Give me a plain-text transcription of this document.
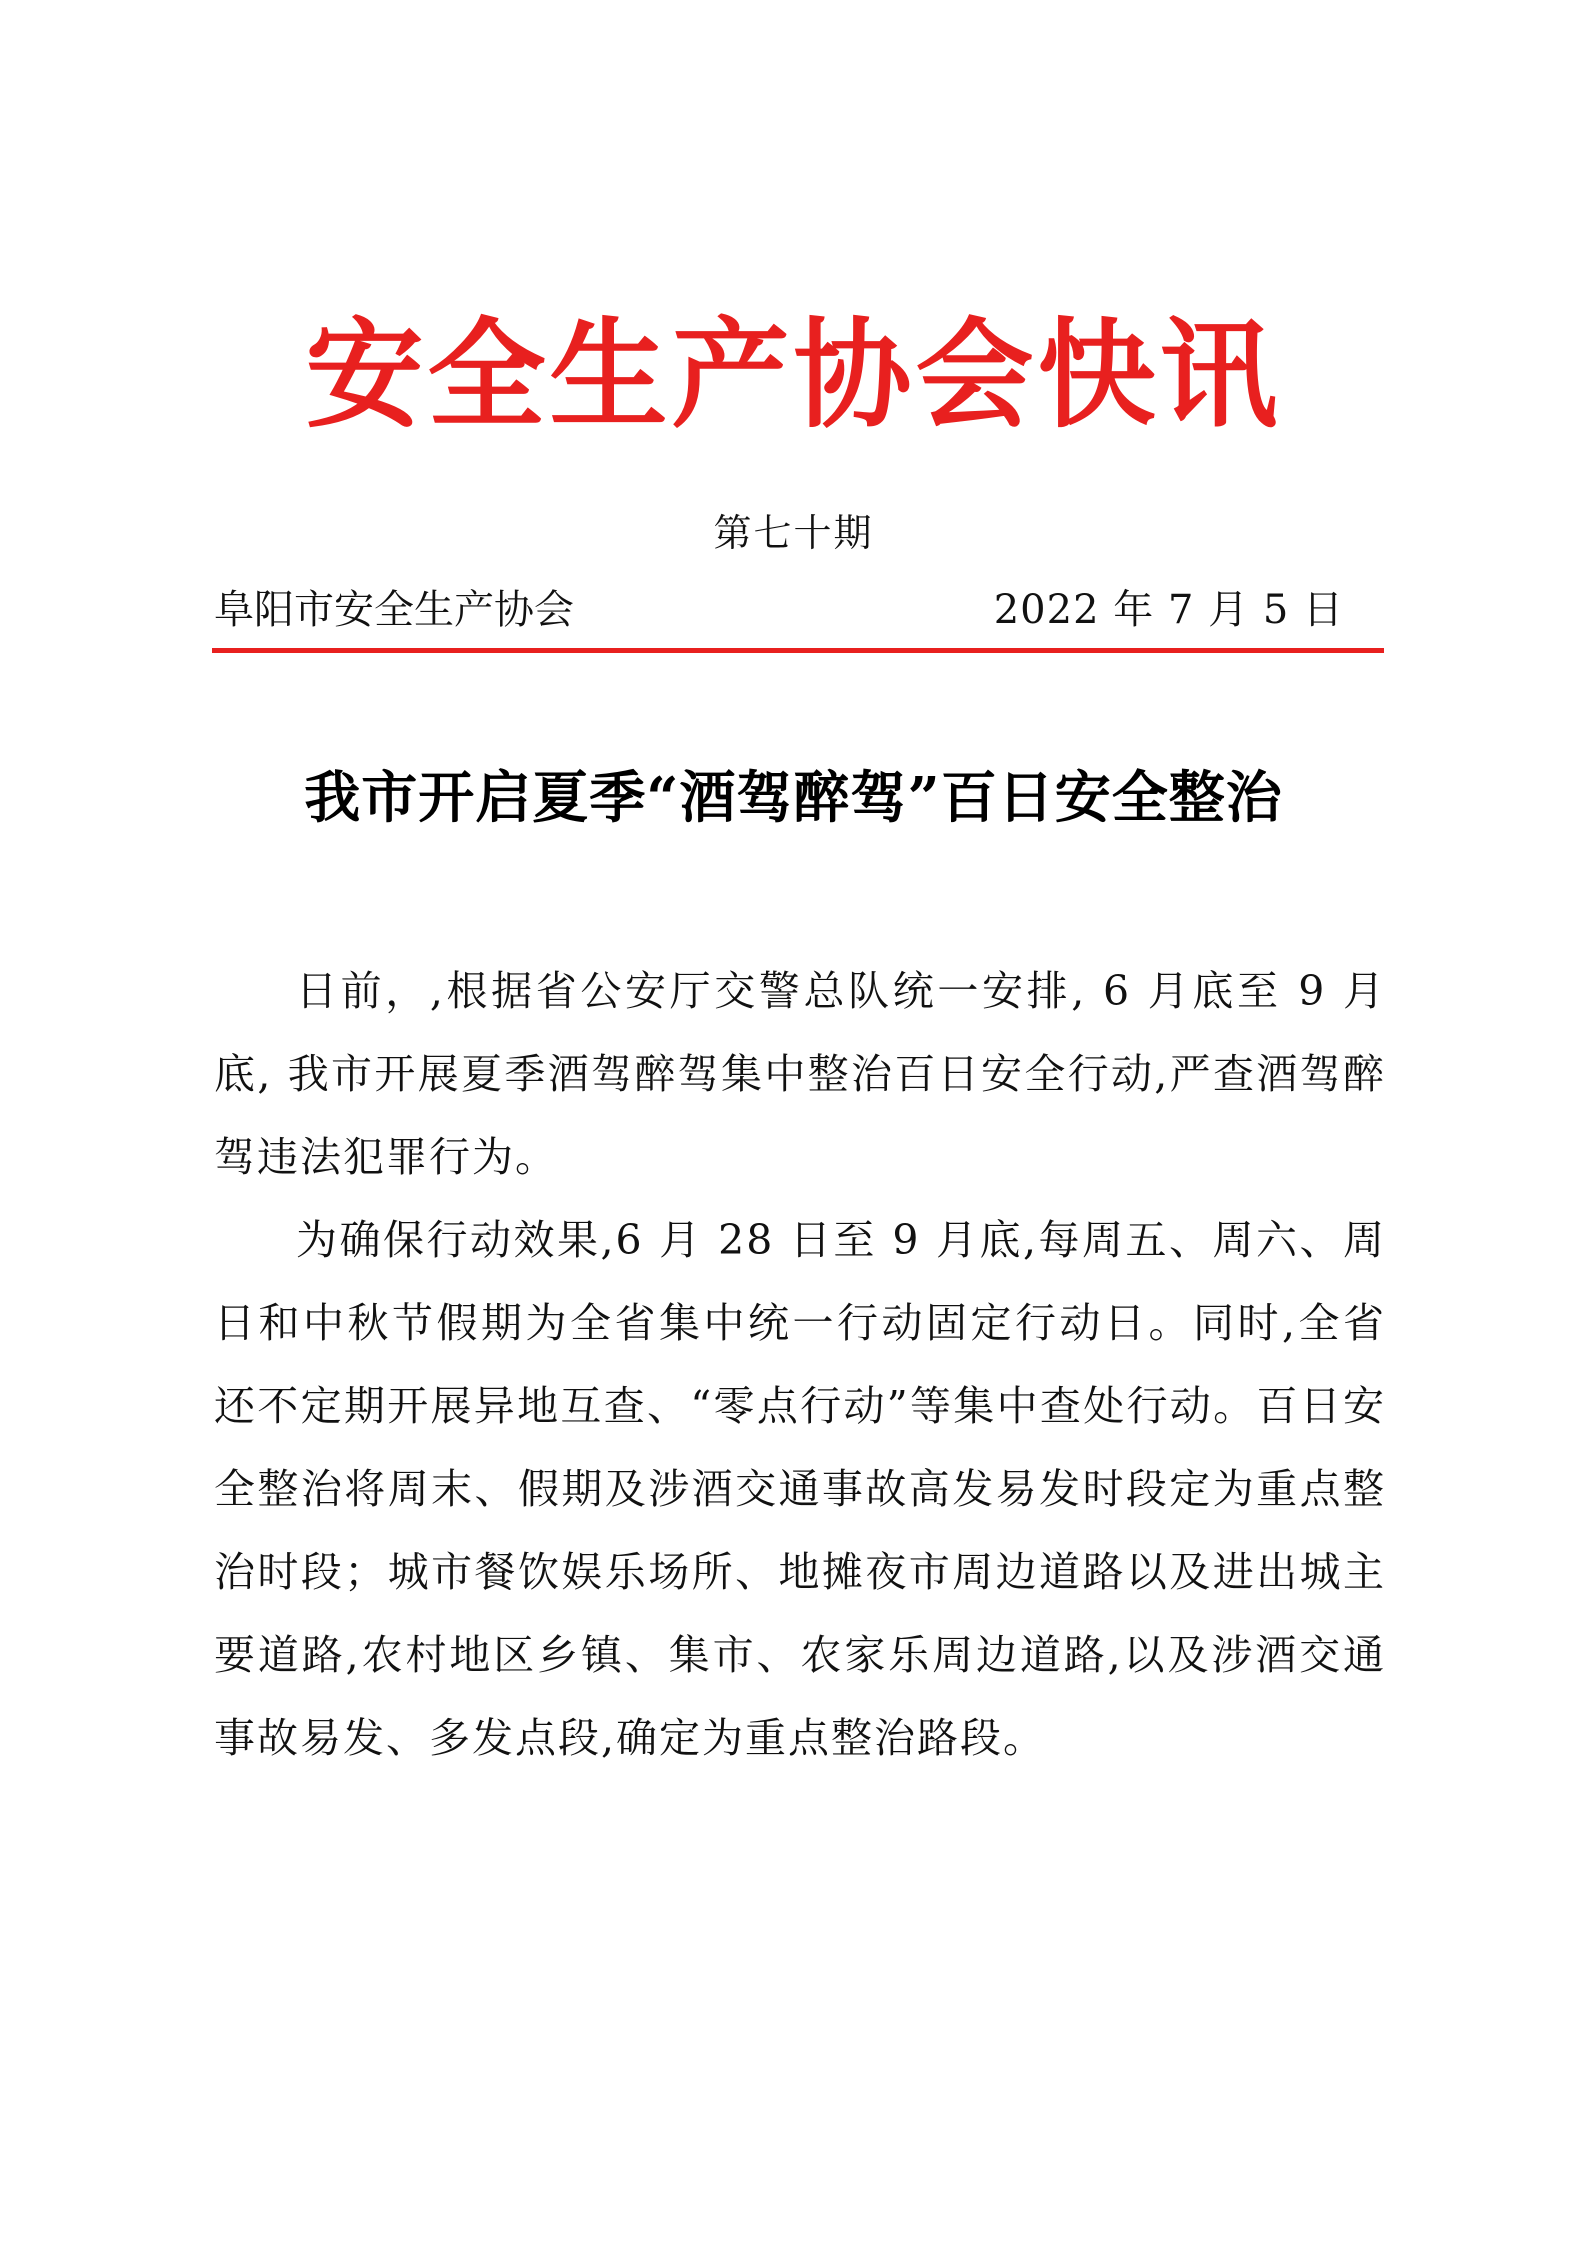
安全生产协会快讯
第七十期
阜阳市安全生产协会	2022 年 7 月 5 日
我市开启夏季“酒驾醉驾”百日安全整治

日前，,根据省公安厅交警总队统一安排, 6 月底至 9 月底, 我市开展夏季酒驾醉驾集中整治百日安全行动,严查酒驾醉驾违法犯罪行为。

为确保行动效果,6 月 28 日至 9 月底,每周五、周六、周日和中秋节假期为全省集中统一行动固定行动日。同时,全省还不定期开展异地互查、“零点行动”等集中查处行动。百日安全整治将周末、假期及涉酒交通事故高发易发时段定为重点整治时段；城市餐饮娱乐场所、地摊夜市周边道路以及进出城主要道路,农村地区乡镇、集市、农家乐周边道路,以及涉酒交通事故易发、多发点段,确定为重点整治路段。
